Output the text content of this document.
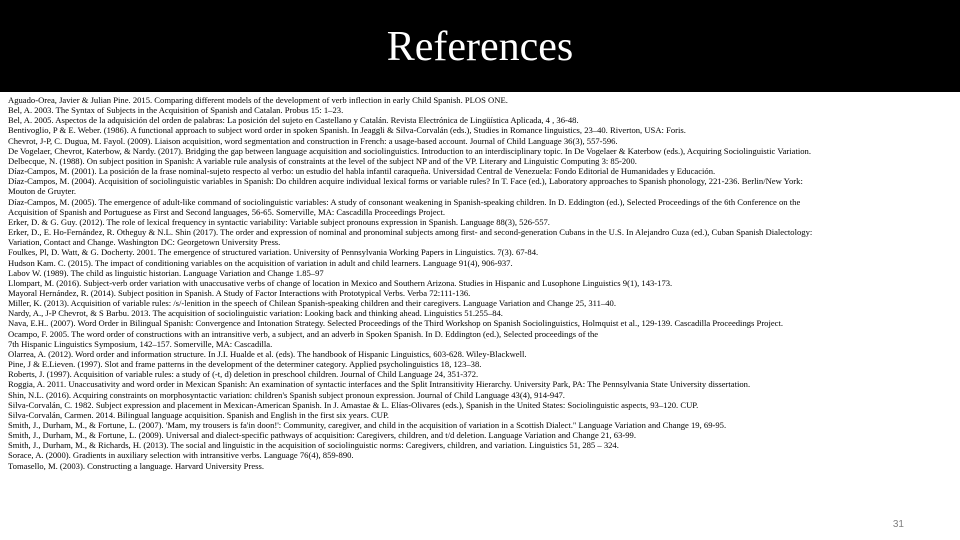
References
Aguado-Orea, Javier & Julian Pine. 2015. Comparing different models of the development of verb inflection in early Child Spanish. PLOS ONE.
Bel, A. 2003. The Syntax of Subjects in the Acquisition of Spanish and Catalan. Probus 15: 1–23.
Bel, A. 2005. Aspectos de la adquisición del orden de palabras: La posición del sujeto en Castellano y Catalán. Revista Electrónica de Lingüística Aplicada, 4 , 36-48.
Bentivoglio, P & E. Weber. (1986). A functional approach to subject word order in spoken Spanish. In Jeaggli & Silva-Corvalán (eds.), Studies in Romance linguistics, 23–40. Riverton, USA: Foris.
Chevrot, J-P, C. Dugua, M. Fayol. (2009). Liaison acquisition, word segmentation and construction in French: a usage-based account. Journal of Child Language 36(3), 557-596.
De Vogelaer, Chevrot, Katerbow, & Nardy. (2017). Bridging the gap between language acquisition and sociolinguistics. Introduction to an interdisciplinary topic. In De Vogelaer & Katerbow (eds.), Acquiring Sociolinguistic Variation.
Delbecque, N. (1988). On subject position in Spanish: A variable rule analysis of constraints at the level of the subject NP and of the VP. Literary and Linguistic Computing 3: 85-200.
Díaz-Campos, M. (2001). La posición de la frase nominal-sujeto respecto al verbo: un estudio del habla infantil caraqueña. Universidad Central de Venezuela: Fondo Editorial de Humanidades y Educación.
Díaz-Campos, M. (2004). Acquisition of sociolinguistic variables in Spanish: Do children acquire individual lexical forms or variable rules? In T. Face (ed.), Laboratory approaches to Spanish phonology, 221-236. Berlin/New York:
Mouton de Gruyter.
Díaz-Campos, M. (2005). The emergence of adult-like command of sociolinguistic variables: A study of consonant weakening in Spanish-speaking children. In D. Eddington (ed.), Selected Proceedings of the 6th Conference on the
Acquisition of Spanish and Portuguese as First and Second languages, 56-65. Somerville, MA: Cascadilla Proceedings Project.
Erker, D. & G. Guy. (2012). The role of lexical frequency in syntactic variability: Variable subject pronouns expression in Spanish. Language 88(3), 526-557.
Erker, D., E. Ho-Fernández, R. Otheguy & N.L. Shin (2017). The order and expression of nominal and pronominal subjects among first- and second-generation Cubans in the U.S. In Alejandro Cuza (ed.), Cuban Spanish Dialectology:
Variation, Contact and Change. Washington DC: Georgetown University Press.
Foulkes, Pl, D. Watt, & G. Docherty. 2001. The emergence of structured variation. University of Pennsylvania Working Papers in Linguistics. 7(3). 67-84.
Hudson Kam. C. (2015). The impact of conditioning variables on the acquisition of variation in adult and child learners. Language 91(4), 906-937.
Labov W. (1989). The child as linguistic historian. Language Variation and Change 1.85–97
Llompart, M. (2016). Subject-verb order variation with unaccusative verbs of change of location in Mexico and Southern Arizona. Studies in Hispanic and Lusophone Linguistics 9(1), 143-173.
Mayoral Hernández, R. (2014). Subject position in Spanish. A Study of Factor Interactions with Prototypical Verbs. Verba 72:111-136.
Miller, K. (2013). Acquisition of variable rules: /s/-lenition in the speech of Chilean Spanish-speaking children and their caregivers. Language Variation and Change 25, 311–40.
Nardy, A., J-P Chevrot, & S Barbu. 2013. The acquisition of sociolinguistic variation: Looking back and thinking ahead. Linguistics 51.255–84.
Nava, E.H.. (2007). Word Order in Bilingual Spanish: Convergence and Intonation Strategy. Selected Proceedings of the Third Workshop on Spanish Sociolinguistics, Holmquist et al., 129-139. Cascadilla Proceedings Project.
Ocampo, F. 2005. The word order of constructions with an intransitive verb, a subject, and an adverb in Spoken Spanish. In D. Eddington (ed.), Selected proceedings of the
7th Hispanic Linguistics Symposium, 142–157. Somerville, MA: Cascadilla.
Olarrea, A. (2012). Word order and information structure. In J.I. Hualde et al. (eds). The handbook of Hispanic Linguistics, 603-628. Wiley-Blackwell.
Pine, J & E.Lieven. (1997). Slot and frame patterns in the development of the determiner category. Applied psycholinguistics 18, 123–38.
Roberts, J. (1997). Acquisition of variable rules: a study of (-t, d) deletion in preschool children. Journal of Child Language 24, 351-372.
Roggia, A. 2011. Unaccusativity and word order in Mexican Spanish: An examination of syntactic interfaces and the Split Intransitivity Hierarchy. University Park, PA: The Pennsylvania State University dissertation.
Shin, N.L. (2016). Acquiring constraints on morphosyntactic variation: children's Spanish subject pronoun expression. Journal of Child Language 43(4), 914-947.
Silva-Corvalán, C. 1982. Subject expression and placement in Mexican-American Spanish. In J. Amastae & L. Elías-Olivares (eds.), Spanish in the United States: Sociolinguistic aspects, 93–120. CUP.
Silva-Corvalán, Carmen. 2014. Bilingual language acquisition. Spanish and English in the first six years. CUP.
Smith, J., Durham, M., & Fortune, L. (2007). 'Mam, my trousers is fa'in doon!': Community, caregiver, and child in the acquisition of variation in a Scottish Dialect." Language Variation and Change 19, 69-95.
Smith, J., Durham, M., & Fortune, L. (2009). Universal and dialect-specific pathways of acquisition: Caregivers, children, and t/d deletion. Language Variation and Change 21, 63-99.
Smith, J., Durham, M., & Richards, H. (2013). The social and linguistic in the acquisition of sociolinguistic norms: Caregivers, children, and variation. Linguistics 51, 285 – 324.
Sorace, A. (2000). Gradients in auxiliary selection with intransitive verbs. Language 76(4), 859-890.
Tomasello, M. (2003). Constructing a language. Harvard University Press.
31
